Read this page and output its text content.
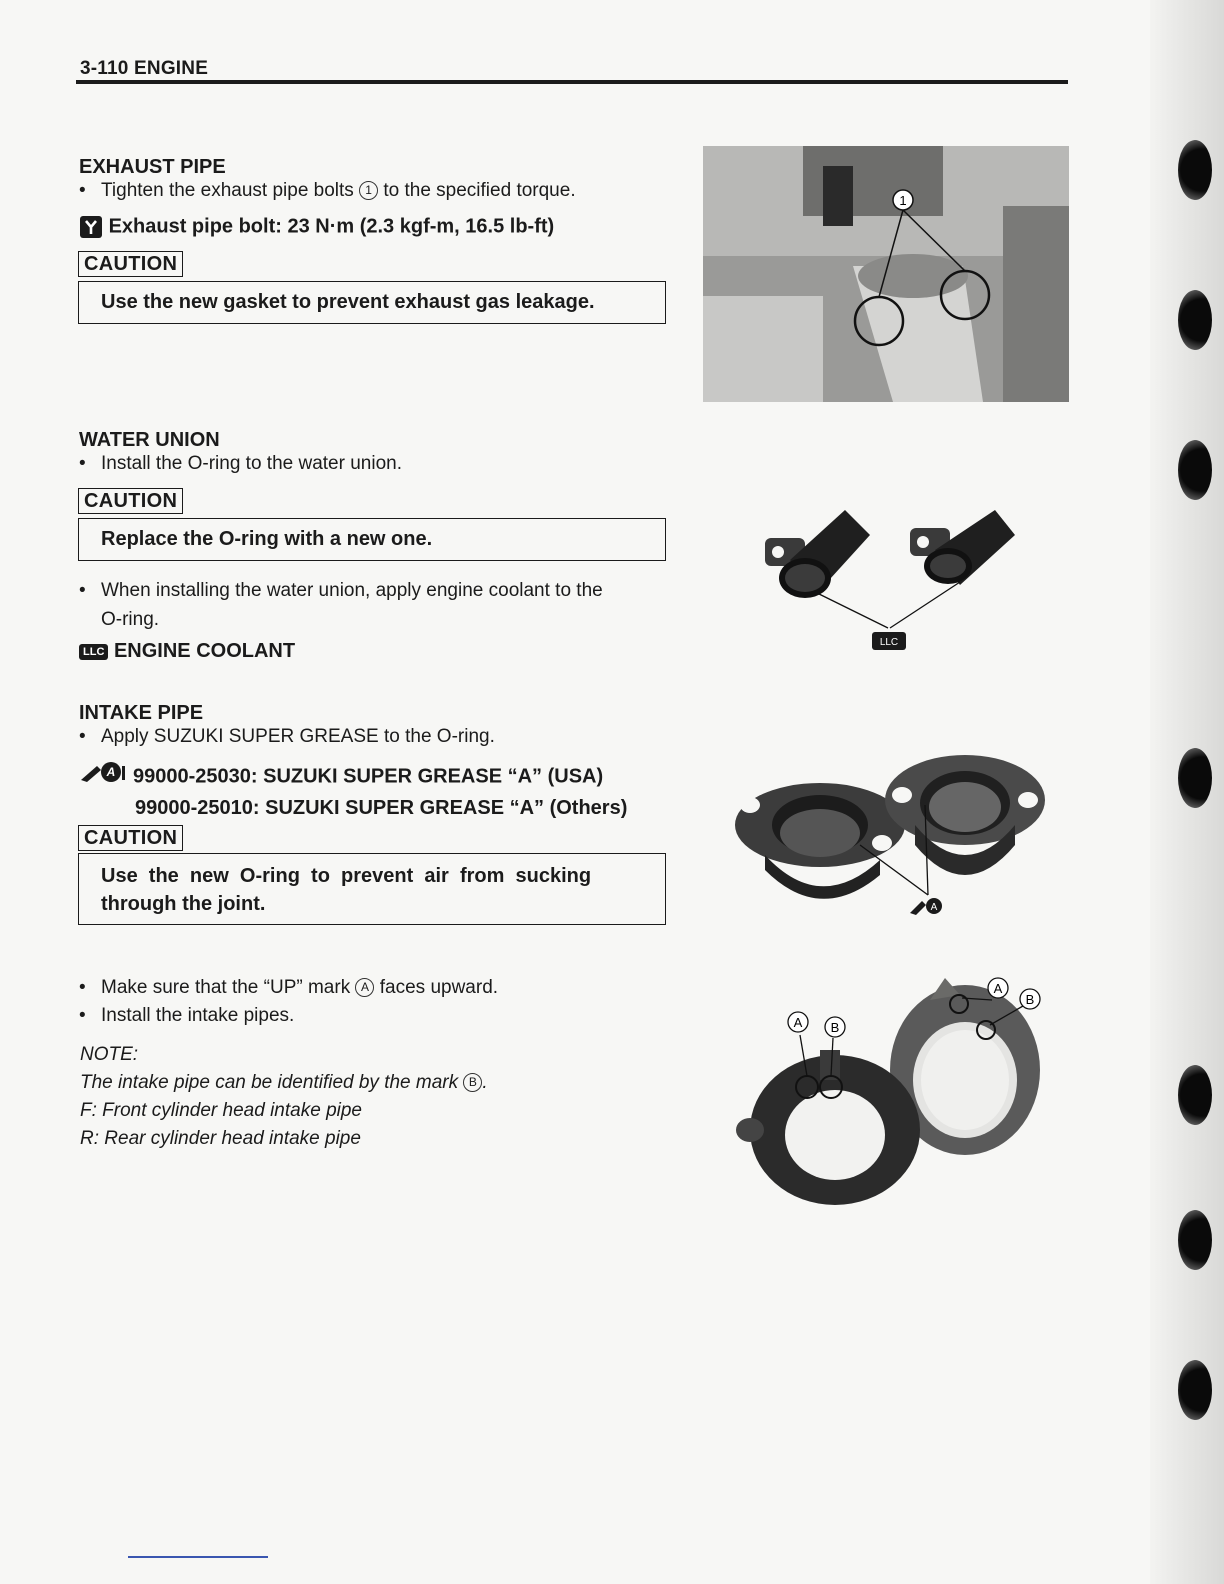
3-110 ENGINE
EXHAUST PIPE
• Tighten the exhaust pipe bolts 1 to the specified torque.
Exhaust pipe bolt: 23 N·m (2.3 kgf-m, 16.5 lb-ft)
CAUTION
Use the new gasket to prevent exhaust gas leakage.
WATER UNION
• Install the O-ring to the water union.
CAUTION
Replace the O-ring with a new one.
• When installing the water union, apply engine coolant to the
O-ring.
LLC ENGINE COOLANT
INTAKE PIPE
• Apply SUZUKI SUPER GREASE to the O-ring.
A 99000-25030: SUZUKI SUPER GREASE “A” (USA)
99000-25010: SUZUKI SUPER GREASE “A” (Others)
CAUTION
Use  the  new  O-ring  to  prevent  air  from  sucking
through the joint.
• Make sure that the “UP” mark A faces upward.
• Install the intake pipes.
NOTE:
The intake pipe can be identified by the mark B .
F: Front cylinder head intake pipe
R: Rear cylinder head intake pipe
1
LLC
A
A B
A
B
